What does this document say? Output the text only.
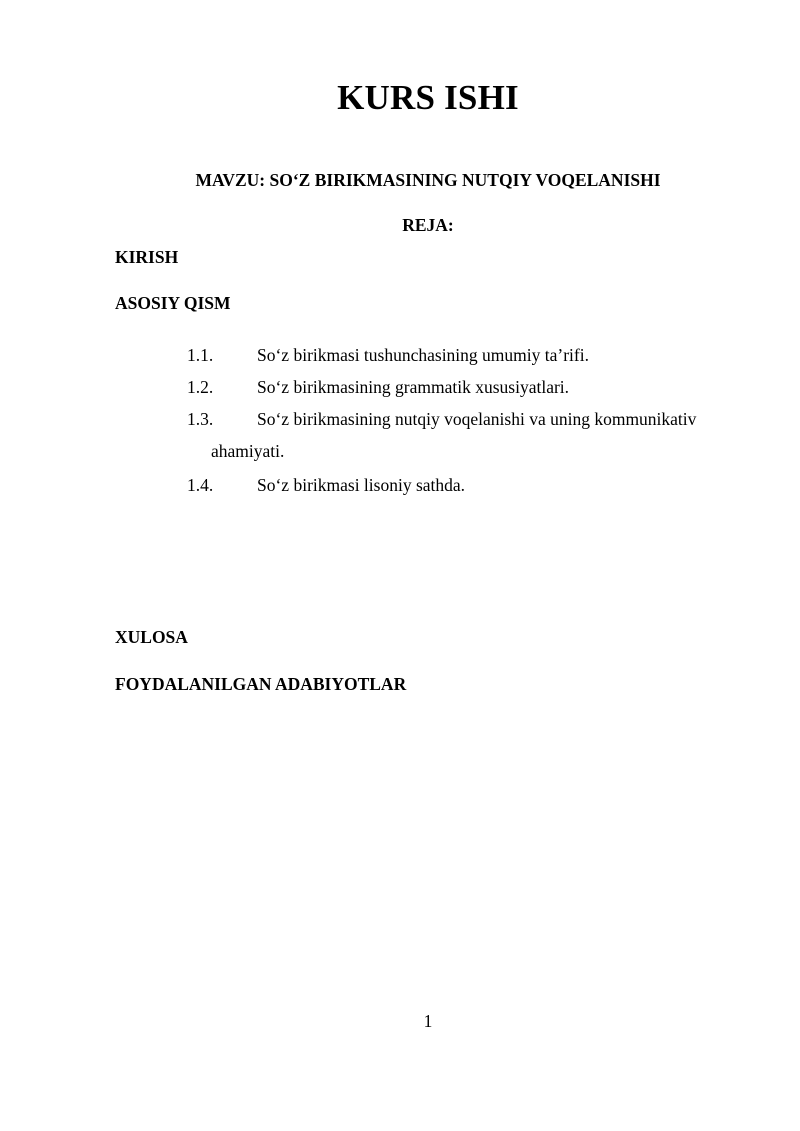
KURS ISHI
MAVZU: SO‘Z BIRIKMASINING NUTQIY VOQELANISHI
REJA:
KIRISH
ASOSIY QISM
1.1.	So‘z birikmasi tushunchasining umumiy ta’rifi.
1.2.	So‘z birikmasining grammatik xususiyatlari.
1.3.	So‘z birikmasining nutqiy voqelanishi va uning kommunikativ
ahamiyati.
1.4.	So‘z birikmasi lisoniy sathda.
XULOSA
FOYDALANILGAN ADABIYOTLAR
1
